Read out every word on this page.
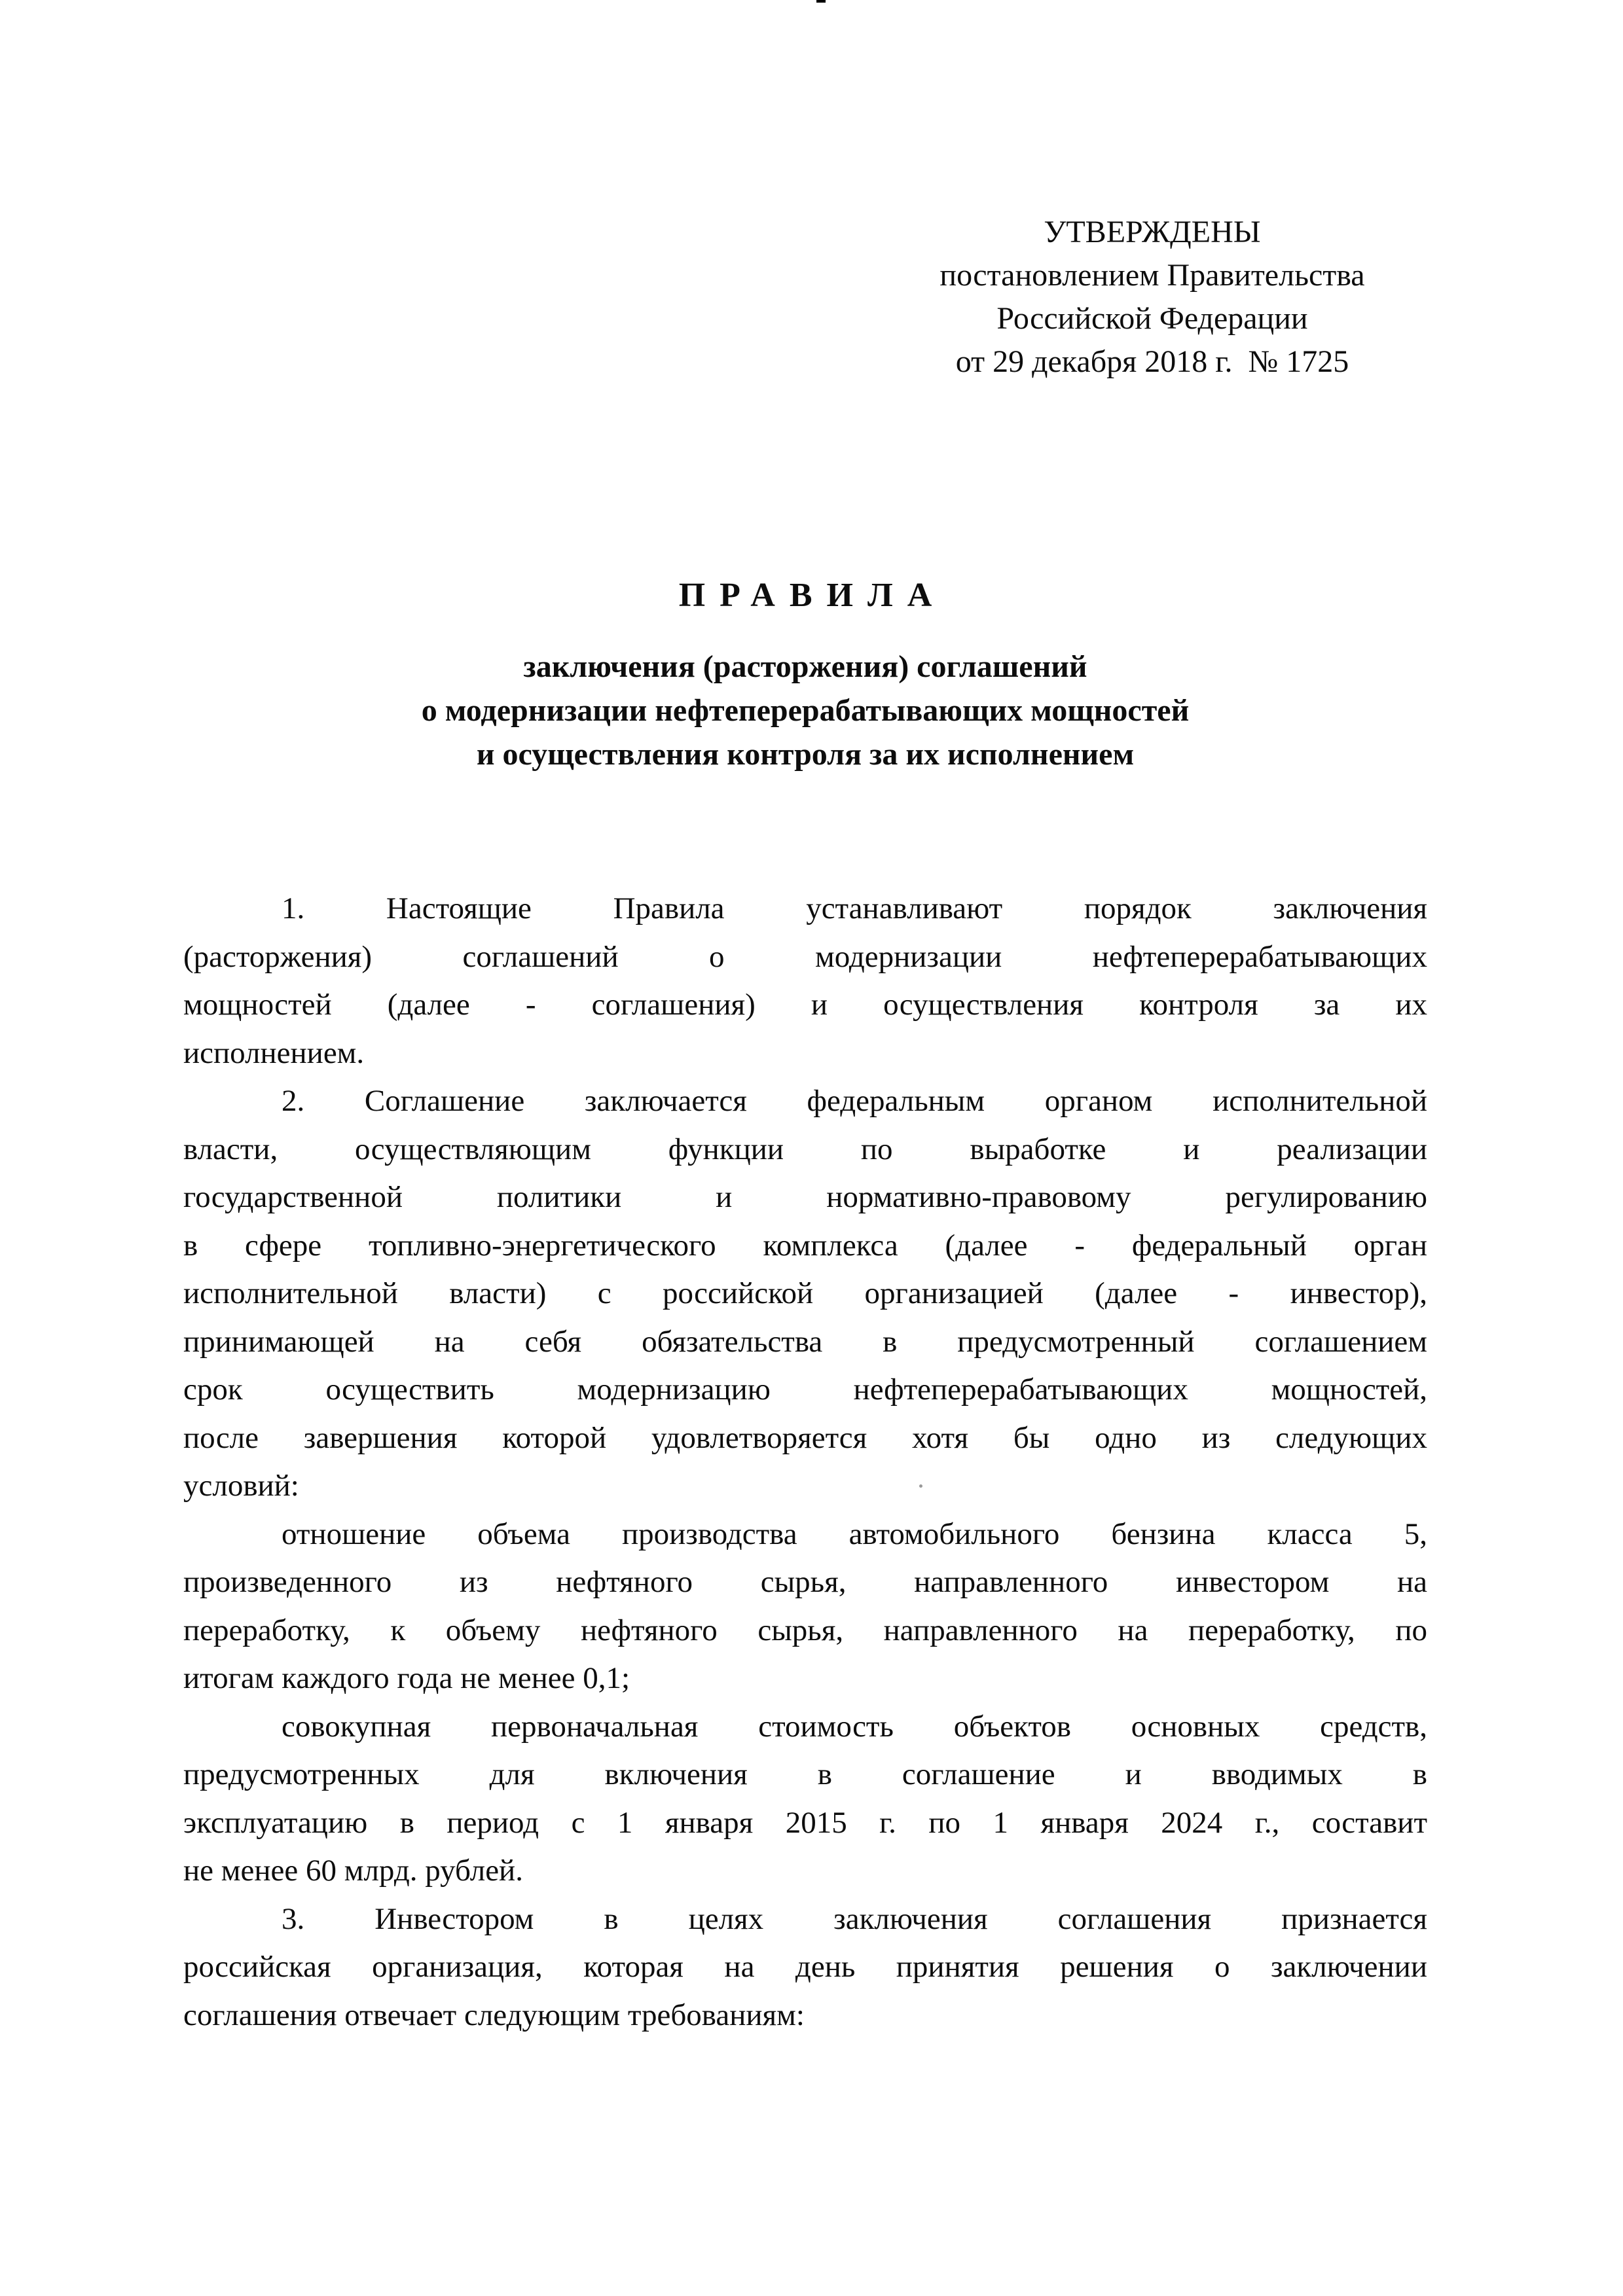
УТВЕРЖДЕНЫ
постановлением Правительства
Российской Федерации
от 29 декабря 2018 г.  № 1725
ПРАВИЛА
заключения (расторжения) соглашений
о модернизации нефтеперерабатывающих мощностей
и осуществления контроля за их исполнением
1. Настоящие Правила устанавливают порядок заключения
(расторжения) соглашений о модернизации нефтеперерабатывающих
мощностей (далее - соглашения) и осуществления контроля за их
исполнением.
2. Соглашение заключается федеральным органом исполнительной
власти, осуществляющим функции по выработке и реализации
государственной политики и нормативно-правовому регулированию
в сфере топливно-энергетического комплекса (далее - федеральный орган
исполнительной власти) с российской организацией (далее - инвестор),
принимающей на себя обязательства в предусмотренный соглашением
срок осуществить модернизацию нефтеперерабатывающих мощностей,
после завершения которой удовлетворяется хотя бы одно из следующих
условий:
отношение объема производства автомобильного бензина класса 5,
произведенного из нефтяного сырья, направленного инвестором на
переработку, к объему нефтяного сырья, направленного на переработку, по
итогам каждого года не менее 0,1;
совокупная первоначальная стоимость объектов основных средств,
предусмотренных для включения в соглашение и вводимых в
эксплуатацию в период с 1 января 2015 г. по 1 января 2024 г., составит
не менее 60 млрд. рублей.
3. Инвестором в целях заключения соглашения признается
российская организация, которая на день принятия решения о заключении
соглашения отвечает следующим требованиям:
